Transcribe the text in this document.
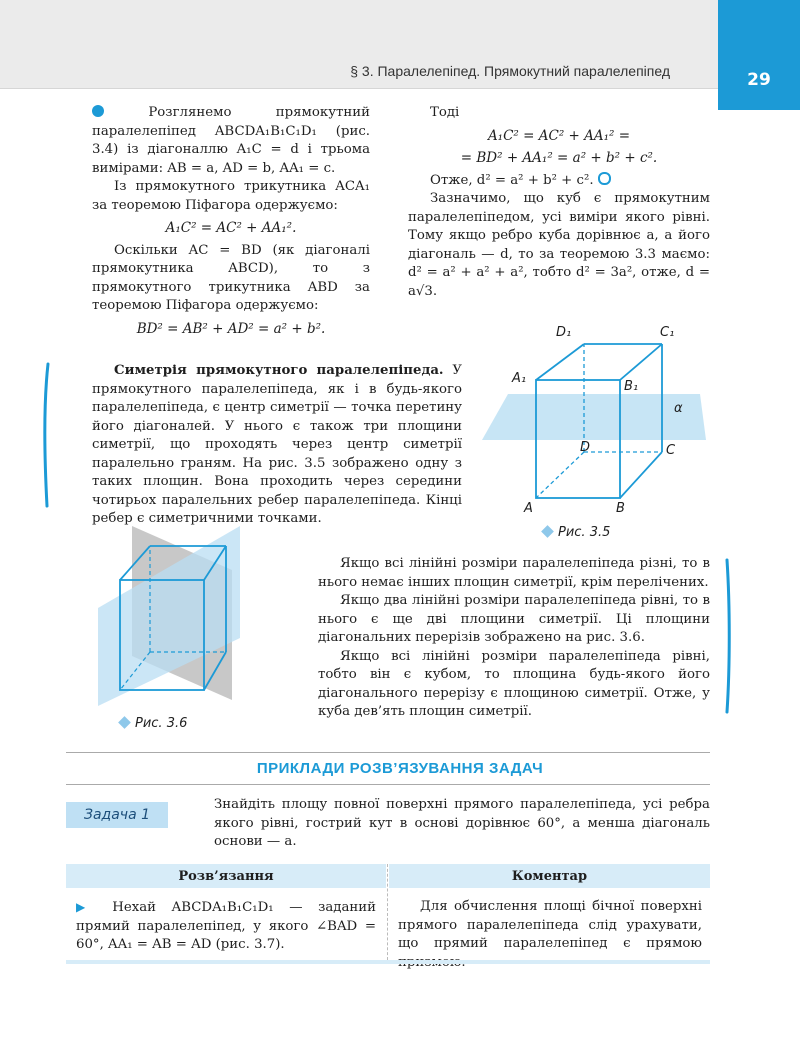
§ 3. Паралелепіпед. Прямокутний паралелепіпед	29

Розглянемо прямокутний паралелепіпед ABCDA₁B₁C₁D₁ (рис. 3.4) із діагоналлю A₁C = d і трьома вимірами: AB = a, AD = b, AA₁ = c.

Із прямокутного трикутника ACA₁ за теоремою Піфагора одержуємо:

A₁C² = AC² + AA₁².

Оскільки AC = BD (як діагоналі прямокутника ABCD), то з прямокутного трикутника ABD за теоремою Піфагора одержуємо:

BD² = AB² + AD² = a² + b².

Тоді

A₁C² = AC² + AA₁² =

= BD² + AA₁² = a² + b² + c².

Отже, d² = a² + b² + c².

Зазначимо, що куб є прямокутним паралелепіпедом, усі виміри якого рівні. Тому якщо ребро куба дорівнює a, а його діагональ — d, то за теоремою 3.3 маємо: d² = a² + a² + a², тобто d² = 3a², отже, d = a√3.

Симетрія прямокутного паралелепіпеда. У прямокутного паралелепіпеда, як і в будь-якого паралелепіпеда, є центр симетрії — точка перетину його діагоналей. У нього є також три площини симетрії, що проходять через центр симетрії паралельно граням. На рис. 3.5 зображено одну з таких площин. Вона проходить через середини чотирьох паралельних ребер паралелепіпеда. Кінці ребер є симетричними точками.

D₁	C₁
A₁
B₁
α
D	C
A	B
Рис. 3.5
Рис. 3.6

Якщо всі лінійні розміри паралелепіпеда різні, то в нього немає інших площин симетрії, крім перелічених.

Якщо два лінійні розміри паралелепіпеда рівні, то в нього є ще дві площини симетрії. Ці площини діагональних перерізів зображено на рис. 3.6.

Якщо всі лінійні розміри паралелепіпеда рівні, тобто він є кубом, то площина будь-якого його діагонального перерізу є площиною симетрії. Отже, у куба дев’ять площин симетрії.

ПРИКЛАДИ РОЗВ’ЯЗУВАННЯ ЗАДАЧ
Задача 1
Знайдіть площу повної поверхні прямого паралелепіпеда, усі ребра якого рівні, гострий кут в основі дорівнює 60°, а менша діагональ основи — a.
Розв’язання	Коментар

▶ Нехай ABCDA₁B₁C₁D₁ — заданий прямий паралелепіпед, у якого ∠BAD = 60°, AA₁ = AB = AD (рис. 3.7).

Для обчислення площі бічної поверхні прямого паралелепіпеда слід урахувати, що прямий паралелепіпед є прямою
